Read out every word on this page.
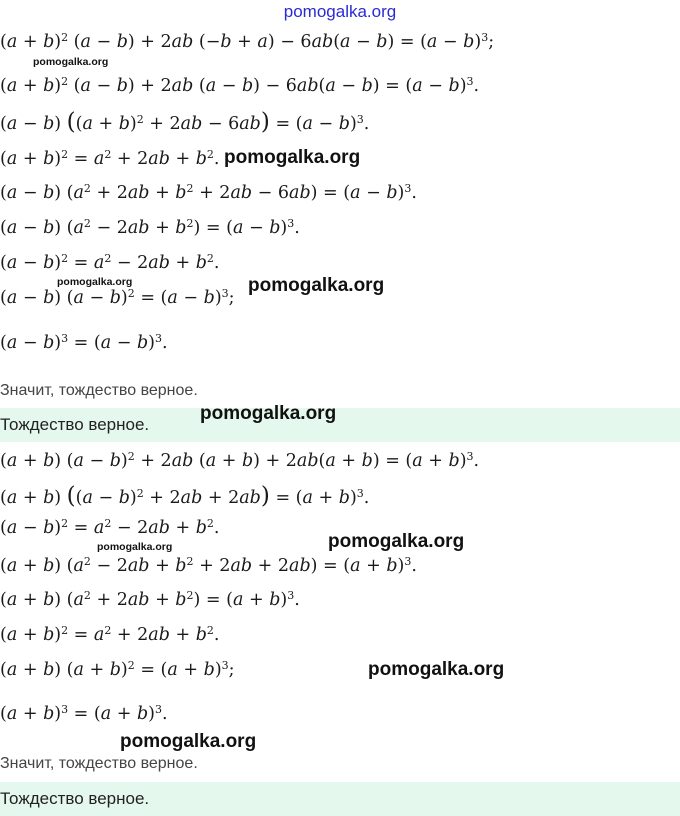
pomogalka.org
$(a + b)^2$ (a − b) + 2ab $(-b + a) - 6ab(a - b) = (a - b)^3$;
$(a + b)^2$ (a − b) + 2ab $(a - b) - 6ab(a - b) = (a - b)^3$.
(a − b) $((a + b)^2 + 2ab - 6ab) = (a - b)^3$.
$(a + b)^2 = a^2 + 2ab + b^2$.
(a − b) $(a^2 + 2ab + b^2 + 2ab - 6ab) = (a - b)^3$.
(a − b) $(a^2 - 2ab + b^2) = (a - b)^3$.
$(a - b)^2 = a^2 - 2ab + b^2$.
(a − b) $(a - b)^2 = (a - b)^3$;
$(a - b)^3 = (a - b)^3$.
Значит, тождество верное.
Тождество верное.
(a + b) $(a - b)^2 + 2ab$ $(a + b) + 2ab(a + b) = (a + b)^3$.
(a + b) $((a - b)^2 + 2ab + 2ab) = (a + b)^3$.
$(a - b)^2 = a^2 - 2ab + b^2$.
(a + b) $(a^2 - 2ab + b^2 + 2ab + 2ab) = (a + b)^3$.
(a + b) $(a^2 + 2ab + b^2) = (a + b)^3$.
$(a + b)^2 = a^2 + 2ab + b^2$.
(a + b) $(a + b)^2 = (a + b)^3$;
$(a + b)^3 = (a + b)^3$.
Значит, тождество верное.
Тождество верное.
pomogalka.org
pomogalka.org
pomogalka.org	pomogalka.org
pomogalka.org
pomogalka.org	pomogalka.org
pomogalka.org
pomogalka.org
